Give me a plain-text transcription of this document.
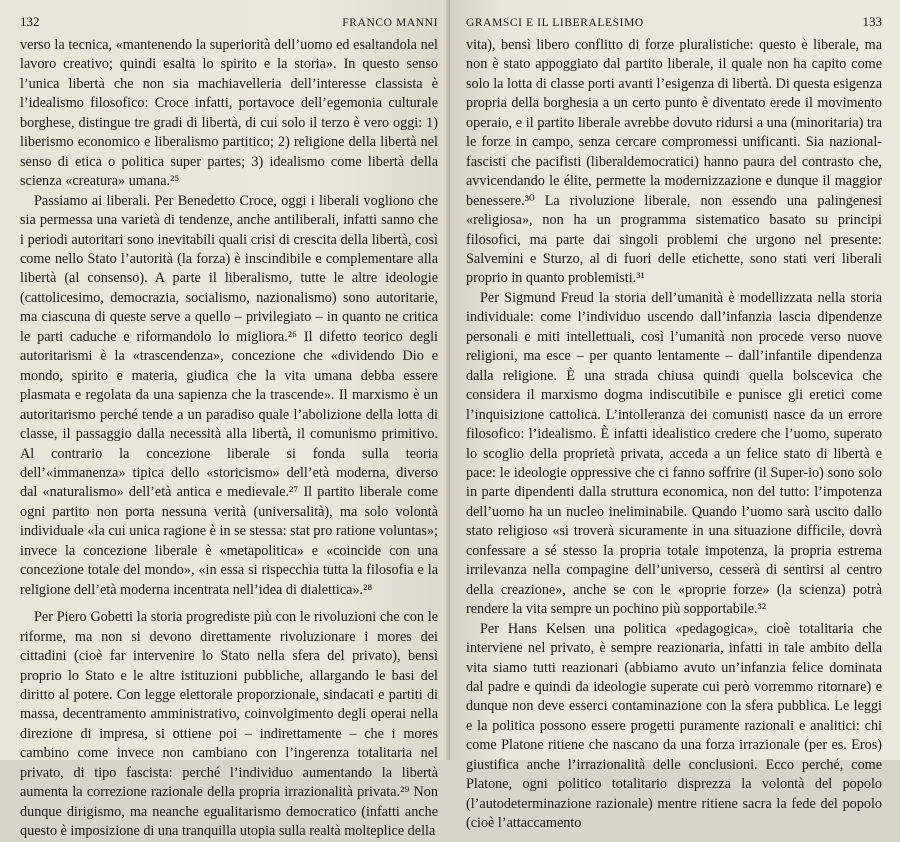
132	FRANCO MANNI

verso la tecnica, «mantenendo la superiorità dell’uomo ed esaltandola nel lavoro creativo; quindi esalta lo spirito e la storia». In questo senso l’unica libertà che non sia machiavelleria dell’interesse classista è l’idealismo filosofico: Croce infatti, portavoce dell’egemonia culturale borghese, distingue tre gradi di libertà, di cui solo il terzo è vero oggi: 1) liberismo economico e liberalismo partitico; 2) religione della libertà nel senso di etica o politica super partes; 3) idealismo come libertà della scienza «creatura» umana.²⁵

Passiamo ai liberali. Per Benedetto Croce, oggi i liberali vogliono che sia permessa una varietà di tendenze, anche antiliberali, infatti sanno che i periodi autoritari sono inevitabili quali crisi di crescita della libertà, così come nello Stato l’autorità (la forza) è inscindibile e complementare alla libertà (al consenso). A parte il liberalismo, tutte le altre ideologie (cattolicesimo, democrazia, socialismo, nazionalismo) sono autoritarie, ma ciascuna di queste serve a quello – privilegiato – in quanto ne critica le parti caduche e riformandolo lo migliora.²⁶ Il difetto teorico degli autoritarismi è la «trascendenza», concezione che «dividendo Dio e mondo, spirito e materia, giudica che la vita umana debba essere plasmata e regolata da una sapienza che la trascende». Il marxismo è un autoritarismo perché tende a un paradiso quale l’abolizione della lotta di classe, il passaggio dalla necessità alla libertà, il comunismo primitivo. Al contrario la concezione liberale si fonda sulla teoria dell’«immanenza» tipica dello «storicismo» dell’età moderna, diverso dal «naturalismo» dell’età antica e medievale.²⁷ Il partito liberale come ogni partito non porta nessuna verità (universalità), ma solo volontà individuale «la cui unica ragione è in se stessa: stat pro ratione voluntas»; invece la concezione liberale è «metapolitica» e «coincide con una concezione totale del mondo», «in essa si rispecchia tutta la filosofia e la religione dell’età moderna incentrata nell’idea di dialettica».²⁸

Per Piero Gobetti la storia progrediste più con le rivoluzioni che con le riforme, ma non si devono direttamente rivoluzionare i mores dei cittadini (cioè far intervenire lo Stato nella sfera del privato), bensì proprio lo Stato e le altre istituzioni pubbliche, allargando le basi del diritto al potere. Con legge elettorale proporzionale, sindacati e partiti di massa, decentramento amministrativo, coinvolgimento degli operai nella direzione di impresa, si ottiene poi – indirettamente – che i mores cambino come invece non cambiano con l’ingerenza totalitaria nel privato, di tipo fascista: perché l’individuo aumentando la libertà aumenta la correzione razionale della propria irrazionalità privata.²⁹ Non dunque dirigismo, ma neanche egualitarismo democratico (infatti anche questo è imposizione di una tranquilla utopia sulla realtà molteplice della

GRAMSCI E IL LIBERALESIMO	133

vita), bensì libero conflitto di forze pluralistiche: questo è liberale, ma non è stato appoggiato dal partito liberale, il quale non ha capito come solo la lotta di classe porti avanti l’esigenza di libertà. Di questa esigenza propria della borghesia a un certo punto è diventato erede il movimento operaio, e il partito liberale avrebbe dovuto ridursi a una (minoritaria) tra le forze in campo, senza cercare compromessi unificanti. Sia nazional-fascisti che pacifisti (liberaldemocratici) hanno paura del contrasto che, avvicendando le élite, permette la modernizzazione e dunque il maggior benessere.³⁰ La rivoluzione liberale, non essendo una palingenesi «religiosa», non ha un programma sistematico basato su principi filosofici, ma parte dai singoli problemi che urgono nel presente: Salvemini e Sturzo, al di fuori delle etichette, sono stati veri liberali proprio in quanto problemisti.³¹

Per Sigmund Freud la storia dell’umanità è modellizzata nella storia individuale: come l’individuo uscendo dall’infanzia lascia dipendenze personali e miti intellettuali, così l’umanità non procede verso nuove religioni, ma esce – per quanto lentamente – dall’infantile dipendenza dalla religione. È una strada chiusa quindi quella bolscevica che considera il marxismo dogma indiscutibile e punisce gli eretici come l’inquisizione cattolica. L’intolleranza dei comunisti nasce da un errore filosofico: l’idealismo. È infatti idealistico credere che l’uomo, superato lo scoglio della proprietà privata, acceda a un felice stato di libertà e pace: le ideologie oppressive che ci fanno soffrire (il Super-io) sono solo in parte dipendenti dalla struttura economica, non del tutto: l’impotenza dell’uomo ha un nucleo ineliminabile. Quando l’uomo sarà uscito dallo stato religioso «si troverà sicuramente in una situazione difficile, dovrà confessare a sé stesso la propria totale impotenza, la propria estrema irrilevanza nella compagine dell’universo, cesserà di sentirsi al centro della creazione», anche se con le «proprie forze» (la scienza) potrà rendere la vita sempre un pochino più sopportabile.³²

Per Hans Kelsen una politica «pedagogica», cioè totalitaria che interviene nel privato, è sempre reazionaria, infatti in tale ambito della vita siamo tutti reazionari (abbiamo avuto un’infanzia felice dominata dal padre e quindi da ideologie superate cui però vorremmo ritornare) e dunque non deve esserci contaminazione con la sfera pubblica. Le leggi e la politica possono essere progetti puramente razionali e analitici: chi come Platone ritiene che nascano da una forza irrazionale (per es. Eros) giustifica anche l’irrazionalità delle conclusioni. Ecco perché, come Platone, ogni politico totalitario disprezza la volontà del popolo (l’autodeterminazione razionale) mentre ritiene sacra la fede del popolo (cioè l’attaccamento
